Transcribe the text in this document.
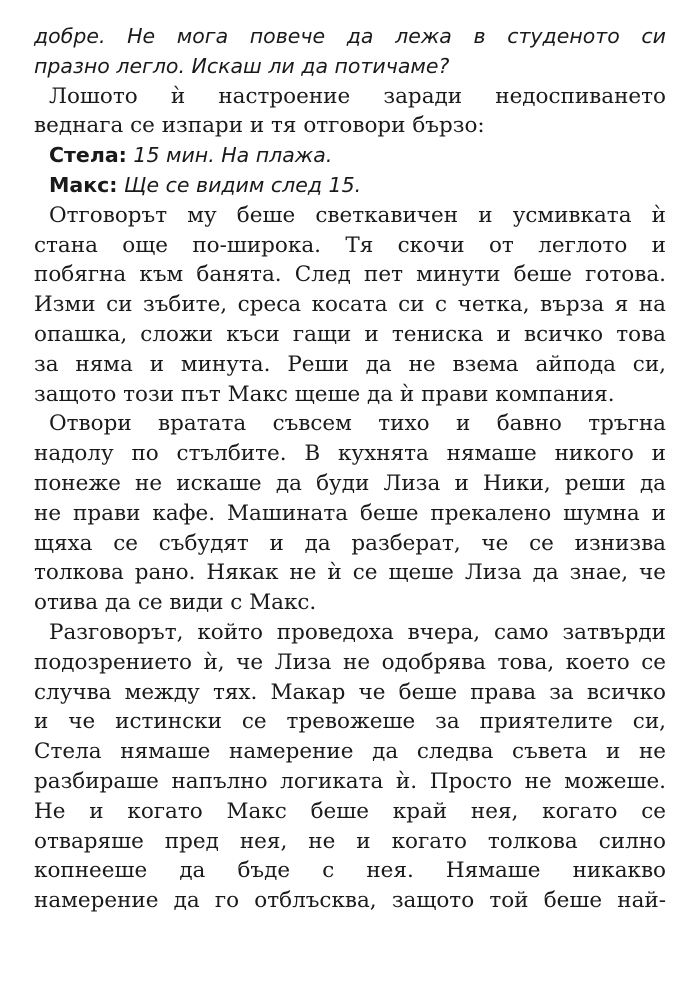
добре. Не мога повече да лежа в студеното си
празно легло. Искаш ли да потичаме?
Лошото ѝ настроение заради недоспиването
веднага се изпари и тя отговори бързо:
Стела: 15 мин. На плажа.
Макс: Ще се видим след 15.
Отговорът му беше светкавичен и усмивката ѝ
стана още по-широка. Тя скочи от леглото и
побягна към банята. След пет минути беше готова.
Изми си зъбите, среса косата си с четка, върза я на
опашка, сложи къси гащи и тениска и всичко това
за няма и минута. Реши да не взема айпода си,
защото този път Макс щеше да ѝ прави компания.
Отвори вратата съвсем тихо и бавно тръгна
надолу по стълбите. В кухнята нямаше никого и
понеже не искаше да буди Лиза и Ники, реши да
не прави кафе. Машината беше прекалено шумна и
щяха се събудят и да разберат, че се изнизва
толкова рано. Някак не ѝ се щеше Лиза да знае, че
отива да се види с Макс.
Разговорът, който проведоха вчера, само затвърди
подозрението ѝ, че Лиза не одобрява това, което се
случва между тях. Макар че беше права за всичко
и че истински се тревожеше за приятелите си,
Стела нямаше намерение да следва съвета и не
разбираше напълно логиката ѝ. Просто не можеше.
Не и когато Макс беше край нея, когато се
отваряше пред нея, не и когато толкова силно
копнееше да бъде с нея. Нямаше никакво
намерение да го отблъсква, защото той беше най-
